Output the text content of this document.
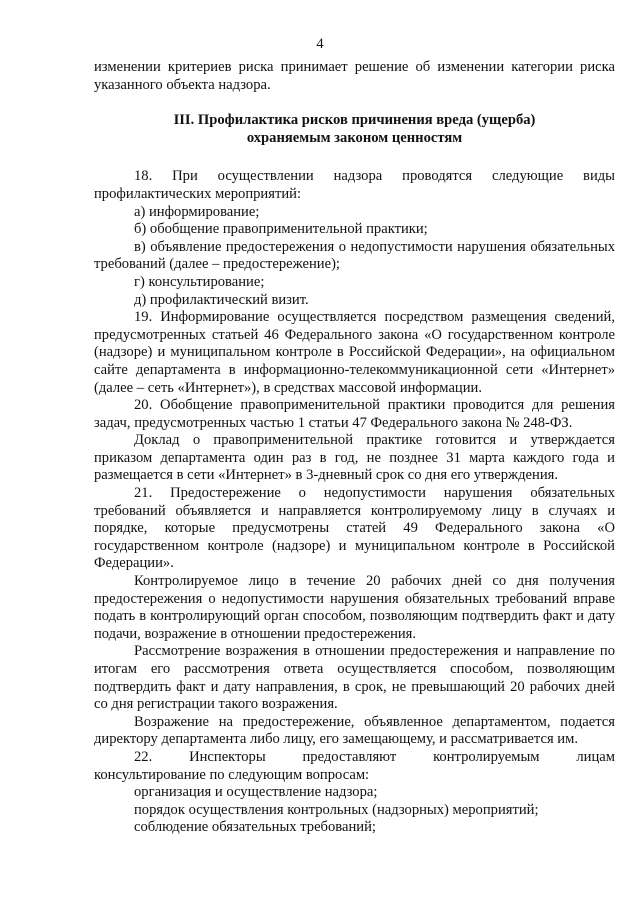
4

изменении критериев риска принимает решение об изменении категории риска указанного объекта надзора.

III. Профилактика рисков причинения вреда (ущерба)
охраняемым законом ценностям

18. При осуществлении надзора проводятся следующие виды

профилактических мероприятий:

а) информирование;

б) обобщение правоприменительной практики;

в) объявление предостережения о недопустимости нарушения обязательных требований (далее – предостережение);

г) консультирование;

д) профилактический визит.

19. Информирование осуществляется посредством размещения сведений, предусмотренных статьей 46 Федерального закона «О государственном контроле (надзоре) и муниципальном контроле в Российской Федерации», на официальном сайте департамента в информационно-телекоммуникационной сети «Интернет» (далее – сеть «Интернет»), в средствах массовой информации.

20. Обобщение правоприменительной практики проводится для решения задач, предусмотренных частью 1 статьи 47 Федерального закона № 248-ФЗ.

Доклад о правоприменительной практике готовится и утверждается приказом департамента один раз в год, не позднее 31 марта каждого года и размещается в сети «Интернет» в 3-дневный срок со дня его утверждения.

21. Предостережение о недопустимости нарушения обязательных требований объявляется и направляется контролируемому лицу в случаях и порядке, которые предусмотрены статей 49 Федерального закона «О государственном контроле (надзоре) и муниципальном контроле в Российской Федерации».

Контролируемое лицо в течение 20 рабочих дней со дня получения предостережения о недопустимости нарушения обязательных требований вправе подать в контролирующий орган способом, позволяющим подтвердить факт и дату подачи, возражение в отношении предостережения.

Рассмотрение возражения в отношении предостережения и направление по итогам его рассмотрения ответа осуществляется способом, позволяющим подтвердить факт и дату направления, в срок, не превышающий 20 рабочих дней со дня регистрации такого возражения.

Возражение на предостережение, объявленное департаментом, подается директору департамента либо лицу, его замещающему, и рассматривается им.

22. Инспекторы предоставляют контролируемым лицам

консультирование по следующим вопросам:

организация и осуществление надзора;

порядок осуществления контрольных (надзорных) мероприятий;

соблюдение обязательных требований;
